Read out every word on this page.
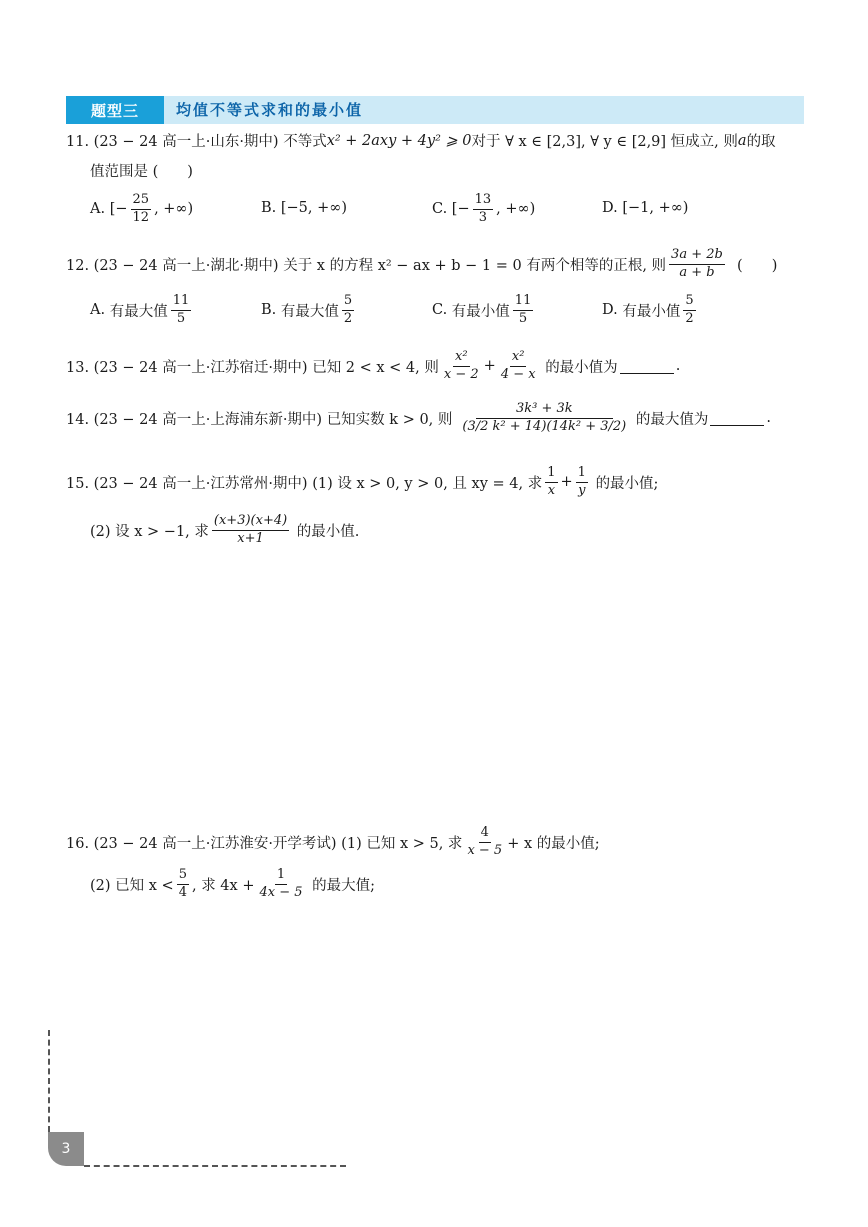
题型三	均值不等式求和的最小值
11. (23 − 24 高一上·山东·期中) 不等式 x² + 2axy + 4y² ⩾ 0 对于 ∀ x ∈ [2,3], ∀ y ∈ [2,9] 恒成立, 则 a 的取
值范围是 (　　)
A.
[− $\frac{25}{12}$ , +∞)	B.
[−5, +∞)	C.
[− $\frac{13}{3}$ , +∞)	D.
[−1, +∞)
12. (23 − 24 高一上·湖北·期中) 关于 x 的方程 x² − ax + b − 1 = 0 有两个相等的正根, 则 $\frac{3a + 2b}{a + b}$
(　　)
A.
有最大值 $\frac{11}{5}$	B.
有最大值 $\frac{5}{2}$	C.
有最小值 $\frac{11}{5}$	D.
有最小值 $\frac{5}{2}$
13. (23 − 24 高一上·江苏宿迁·期中) 已知 2 < x < 4, 则 $\frac{\text{x²}}{x - 2} + \frac{\text{x²}}{4 - x}$
的最小值为	.
14. (23 − 24 高一上·上海浦东新·期中) 已知实数 k > 0, 则 $\frac{\text{3k³ + 3k}}{\text{(3/2 k² + 14)(14k² + 3/2)}}$
的最大值为	.
15. (23 − 24 高一上·江苏常州·期中) (1) 设 x > 0, y > 0, 且 xy = 4, 求 $\frac{1}{x} + \frac{1}{y}$
的最小值;
(2) 设 x > −1, 求 $\frac{(x+3)(x+4)}{x+1}$
的最小值.
16. (23 − 24 高一上·江苏淮安·开学考试) (1) 已知 x > 5, 求 $\frac{4}{x - 5} + x$ 的最小值;
(2) 已知 $x < \frac{5}{4}$ , 求 $4x + \frac{1}{4x - 5}$
的最大值;
3
